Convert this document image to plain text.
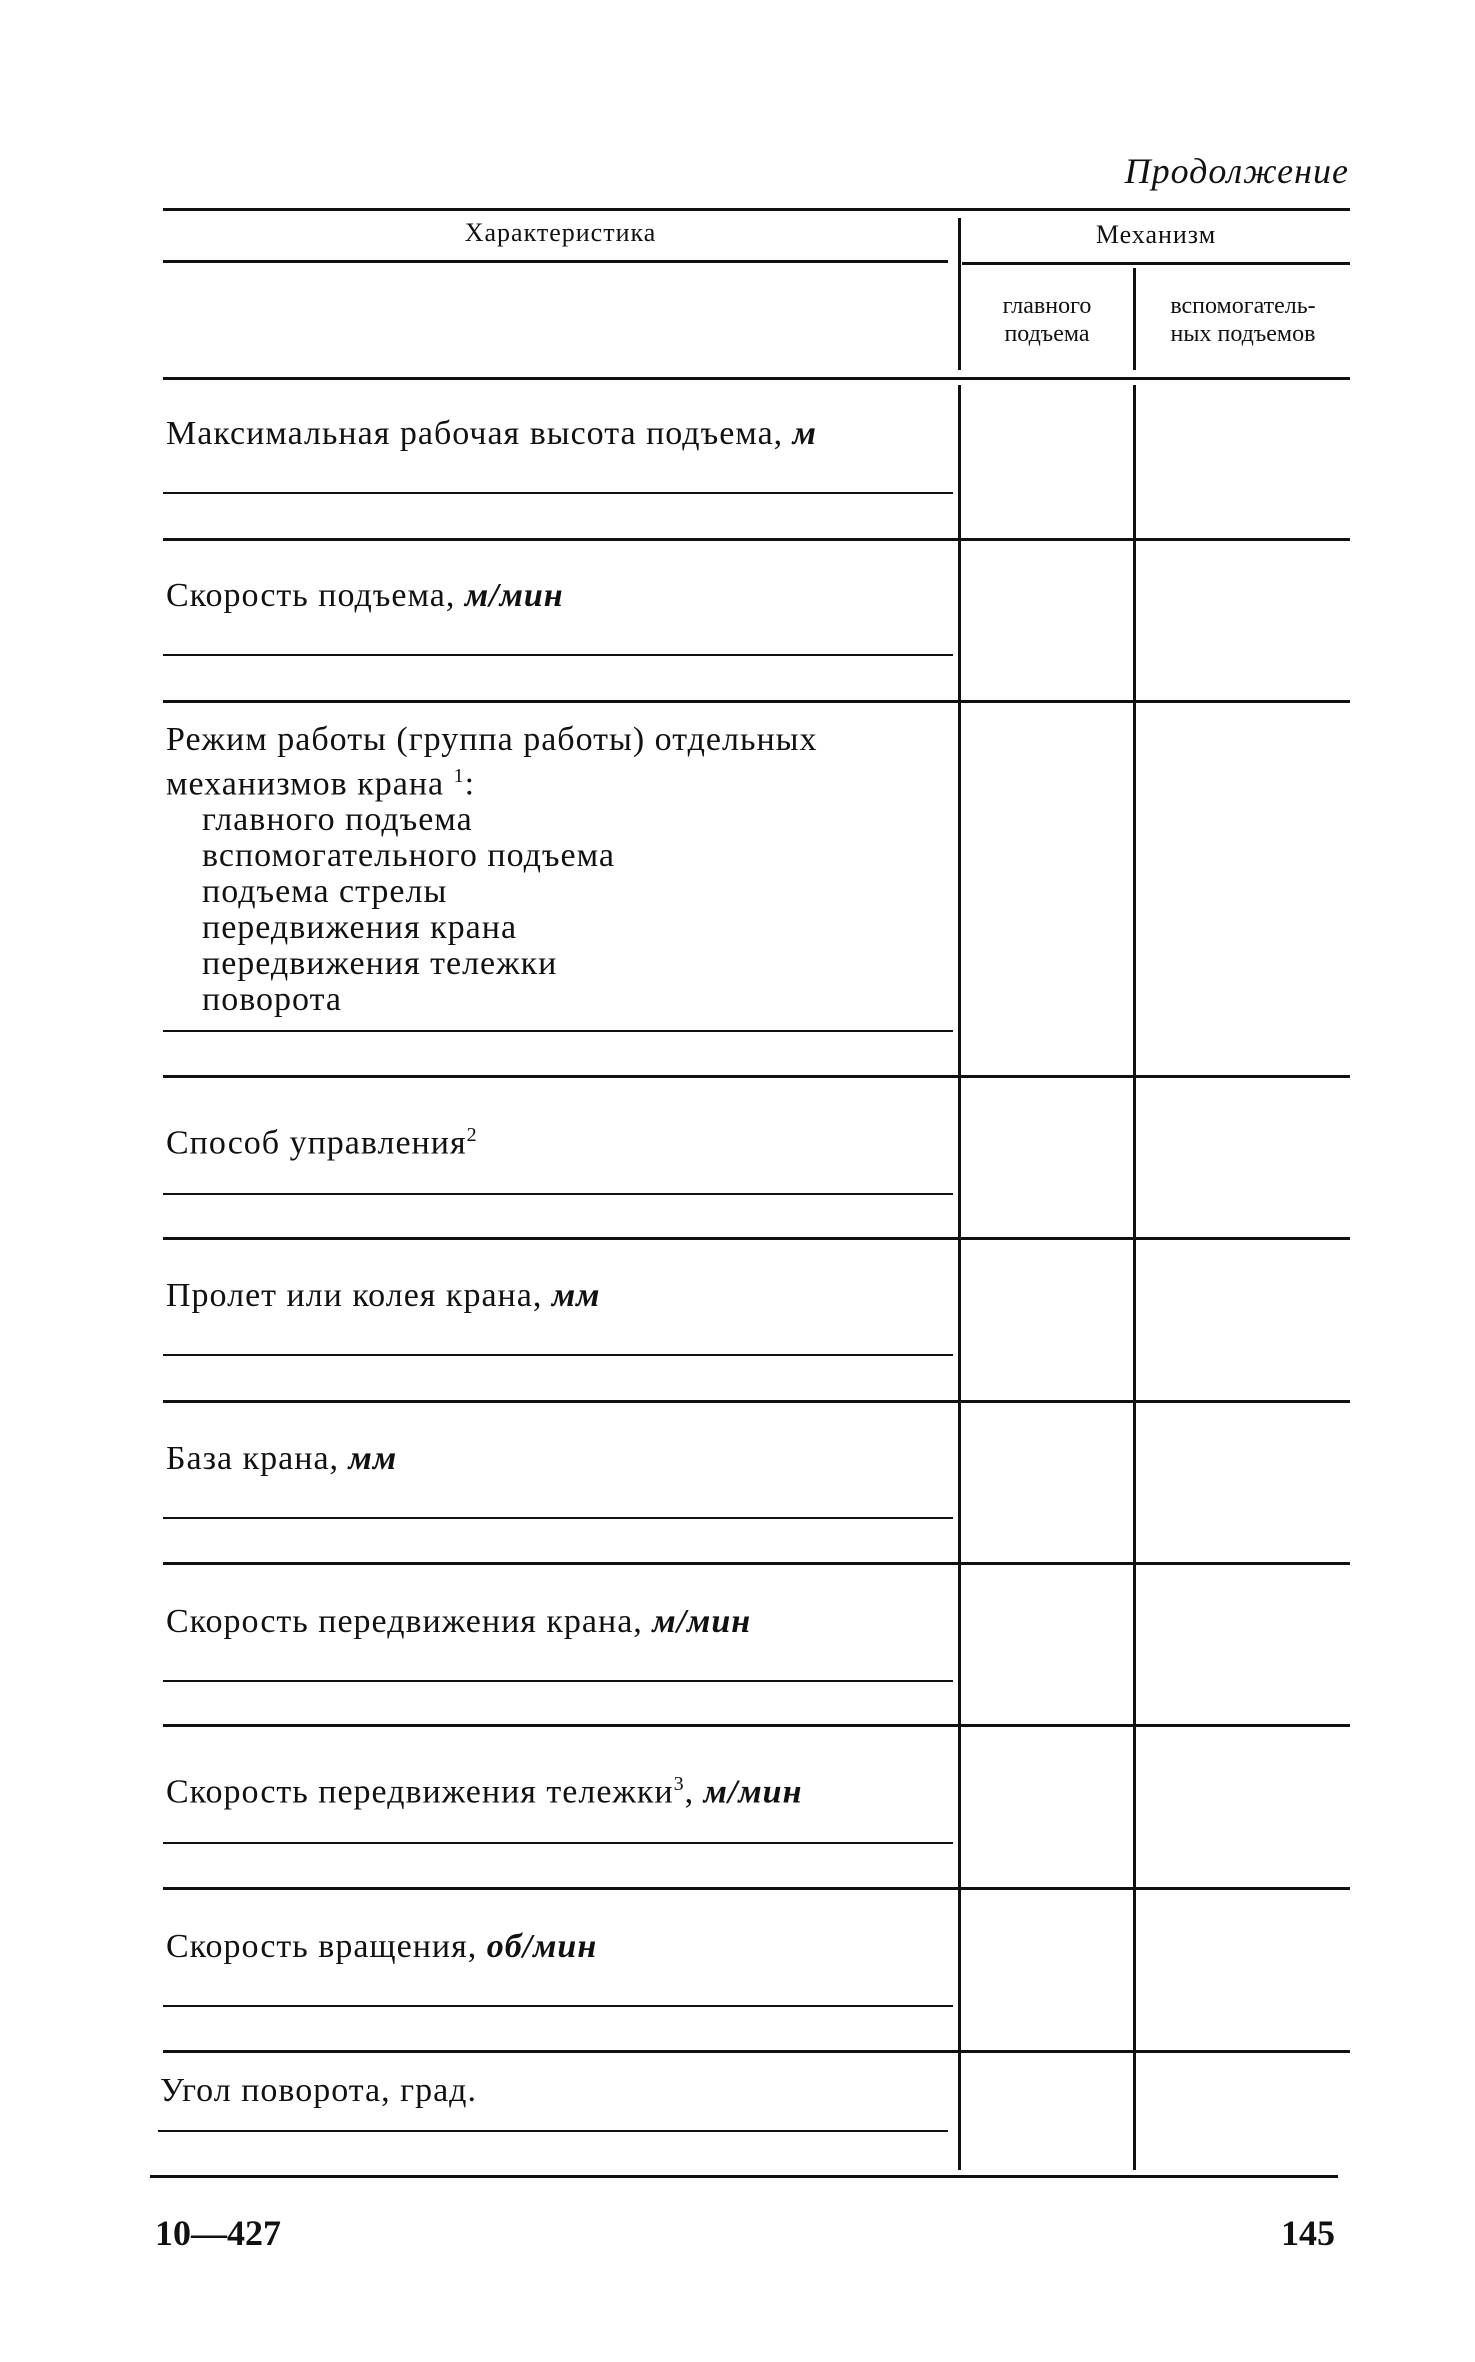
Продолжение
Характеристика	Механизм
главного
подъема
вспомогатель-
ных подъемов
Максимальная рабочая высота подъема, м
Скорость подъема, м/мин
Режим работы (группа работы) отдельных
механизмов крана $^1$:
главного подъема
вспомогательного подъема
подъема стрелы
передвижения крана
передвижения тележки
поворота
Способ управления$^2$
Пролет или колея крана, мм
База крана, мм
Скорость передвижения крана, м/мин
Скорость передвижения тележки$^3$, м/мин
Скорость вращения, об/мин
Угол поворота, град.
10—427	145
